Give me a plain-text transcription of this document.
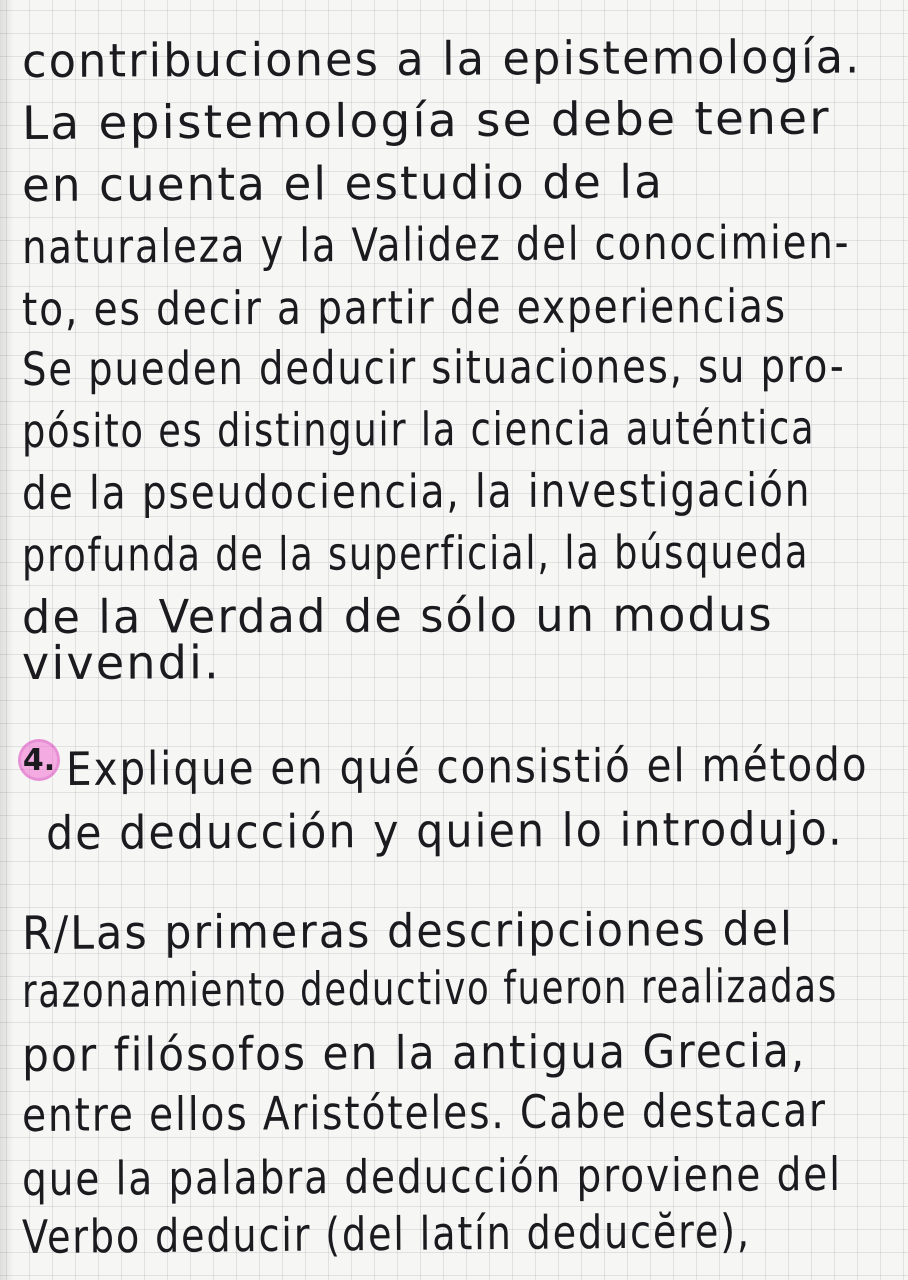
contribuciones a la epistemología.
La epistemología se debe tener
en cuenta el estudio de la
naturaleza y la Validez del conocimien-
to, es decir a partir de experiencias
Se pueden deducir situaciones, su pro-
pósito es distinguir la ciencia auténtica
de la pseudociencia, la investigación
profunda de la superficial, la búsqueda
de la Verdad de sólo un modus
vivendi.
4. Explique en qué consistió el método
de deducción y quien lo introdujo.
R/Las primeras descripciones del
razonamiento deductivo fueron realizadas
por filósofos en la antigua Grecia,
entre ellos Aristóteles. Cabe destacar
que la palabra deducción proviene del
Verbo deducir (del latín deducĕre),
